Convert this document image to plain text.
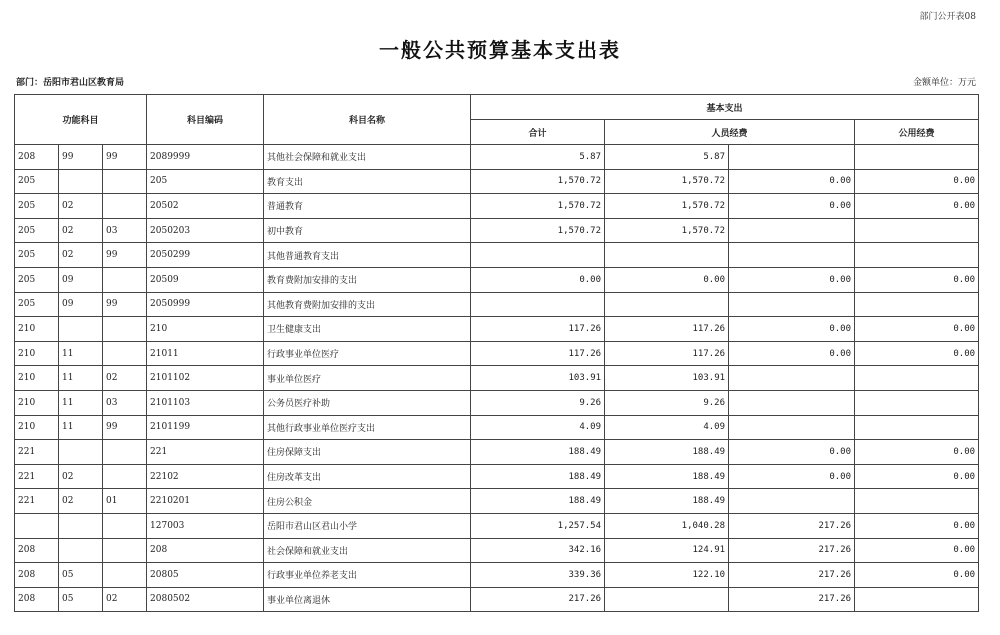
部门公开表08
一般公共预算基本支出表
部门：岳阳市君山区教育局	金额单位：万元
功能科目			科目编码	科目名称	基本支出			
					合计	人员经费		公用经费
208	99	99	2089999	其他社会保障和就业支出	5.87	5.87		
205			205	教育支出	1,570.72	1,570.72	0.00	0.00
205	02		20502	普通教育	1,570.72	1,570.72	0.00	0.00
205	02	03	2050203	初中教育	1,570.72	1,570.72		
205	02	99	2050299	其他普通教育支出				
205	09		20509	教育费附加安排的支出	0.00	0.00	0.00	0.00
205	09	99	2050999	其他教育费附加安排的支出				
210			210	卫生健康支出	117.26	117.26	0.00	0.00
210	11		21011	行政事业单位医疗	117.26	117.26	0.00	0.00
210	11	02	2101102	事业单位医疗	103.91	103.91		
210	11	03	2101103	公务员医疗补助	9.26	9.26		
210	11	99	2101199	其他行政事业单位医疗支出	4.09	4.09		
221			221	住房保障支出	188.49	188.49	0.00	0.00
221	02		22102	住房改革支出	188.49	188.49	0.00	0.00
221	02	01	2210201	住房公积金	188.49	188.49		
			127003	岳阳市君山区君山小学	1,257.54	1,040.28	217.26	0.00
208			208	社会保障和就业支出	342.16	124.91	217.26	0.00
208	05		20805	行政事业单位养老支出	339.36	122.10	217.26	0.00
208	05	02	2080502	事业单位离退休	217.26		217.26	
